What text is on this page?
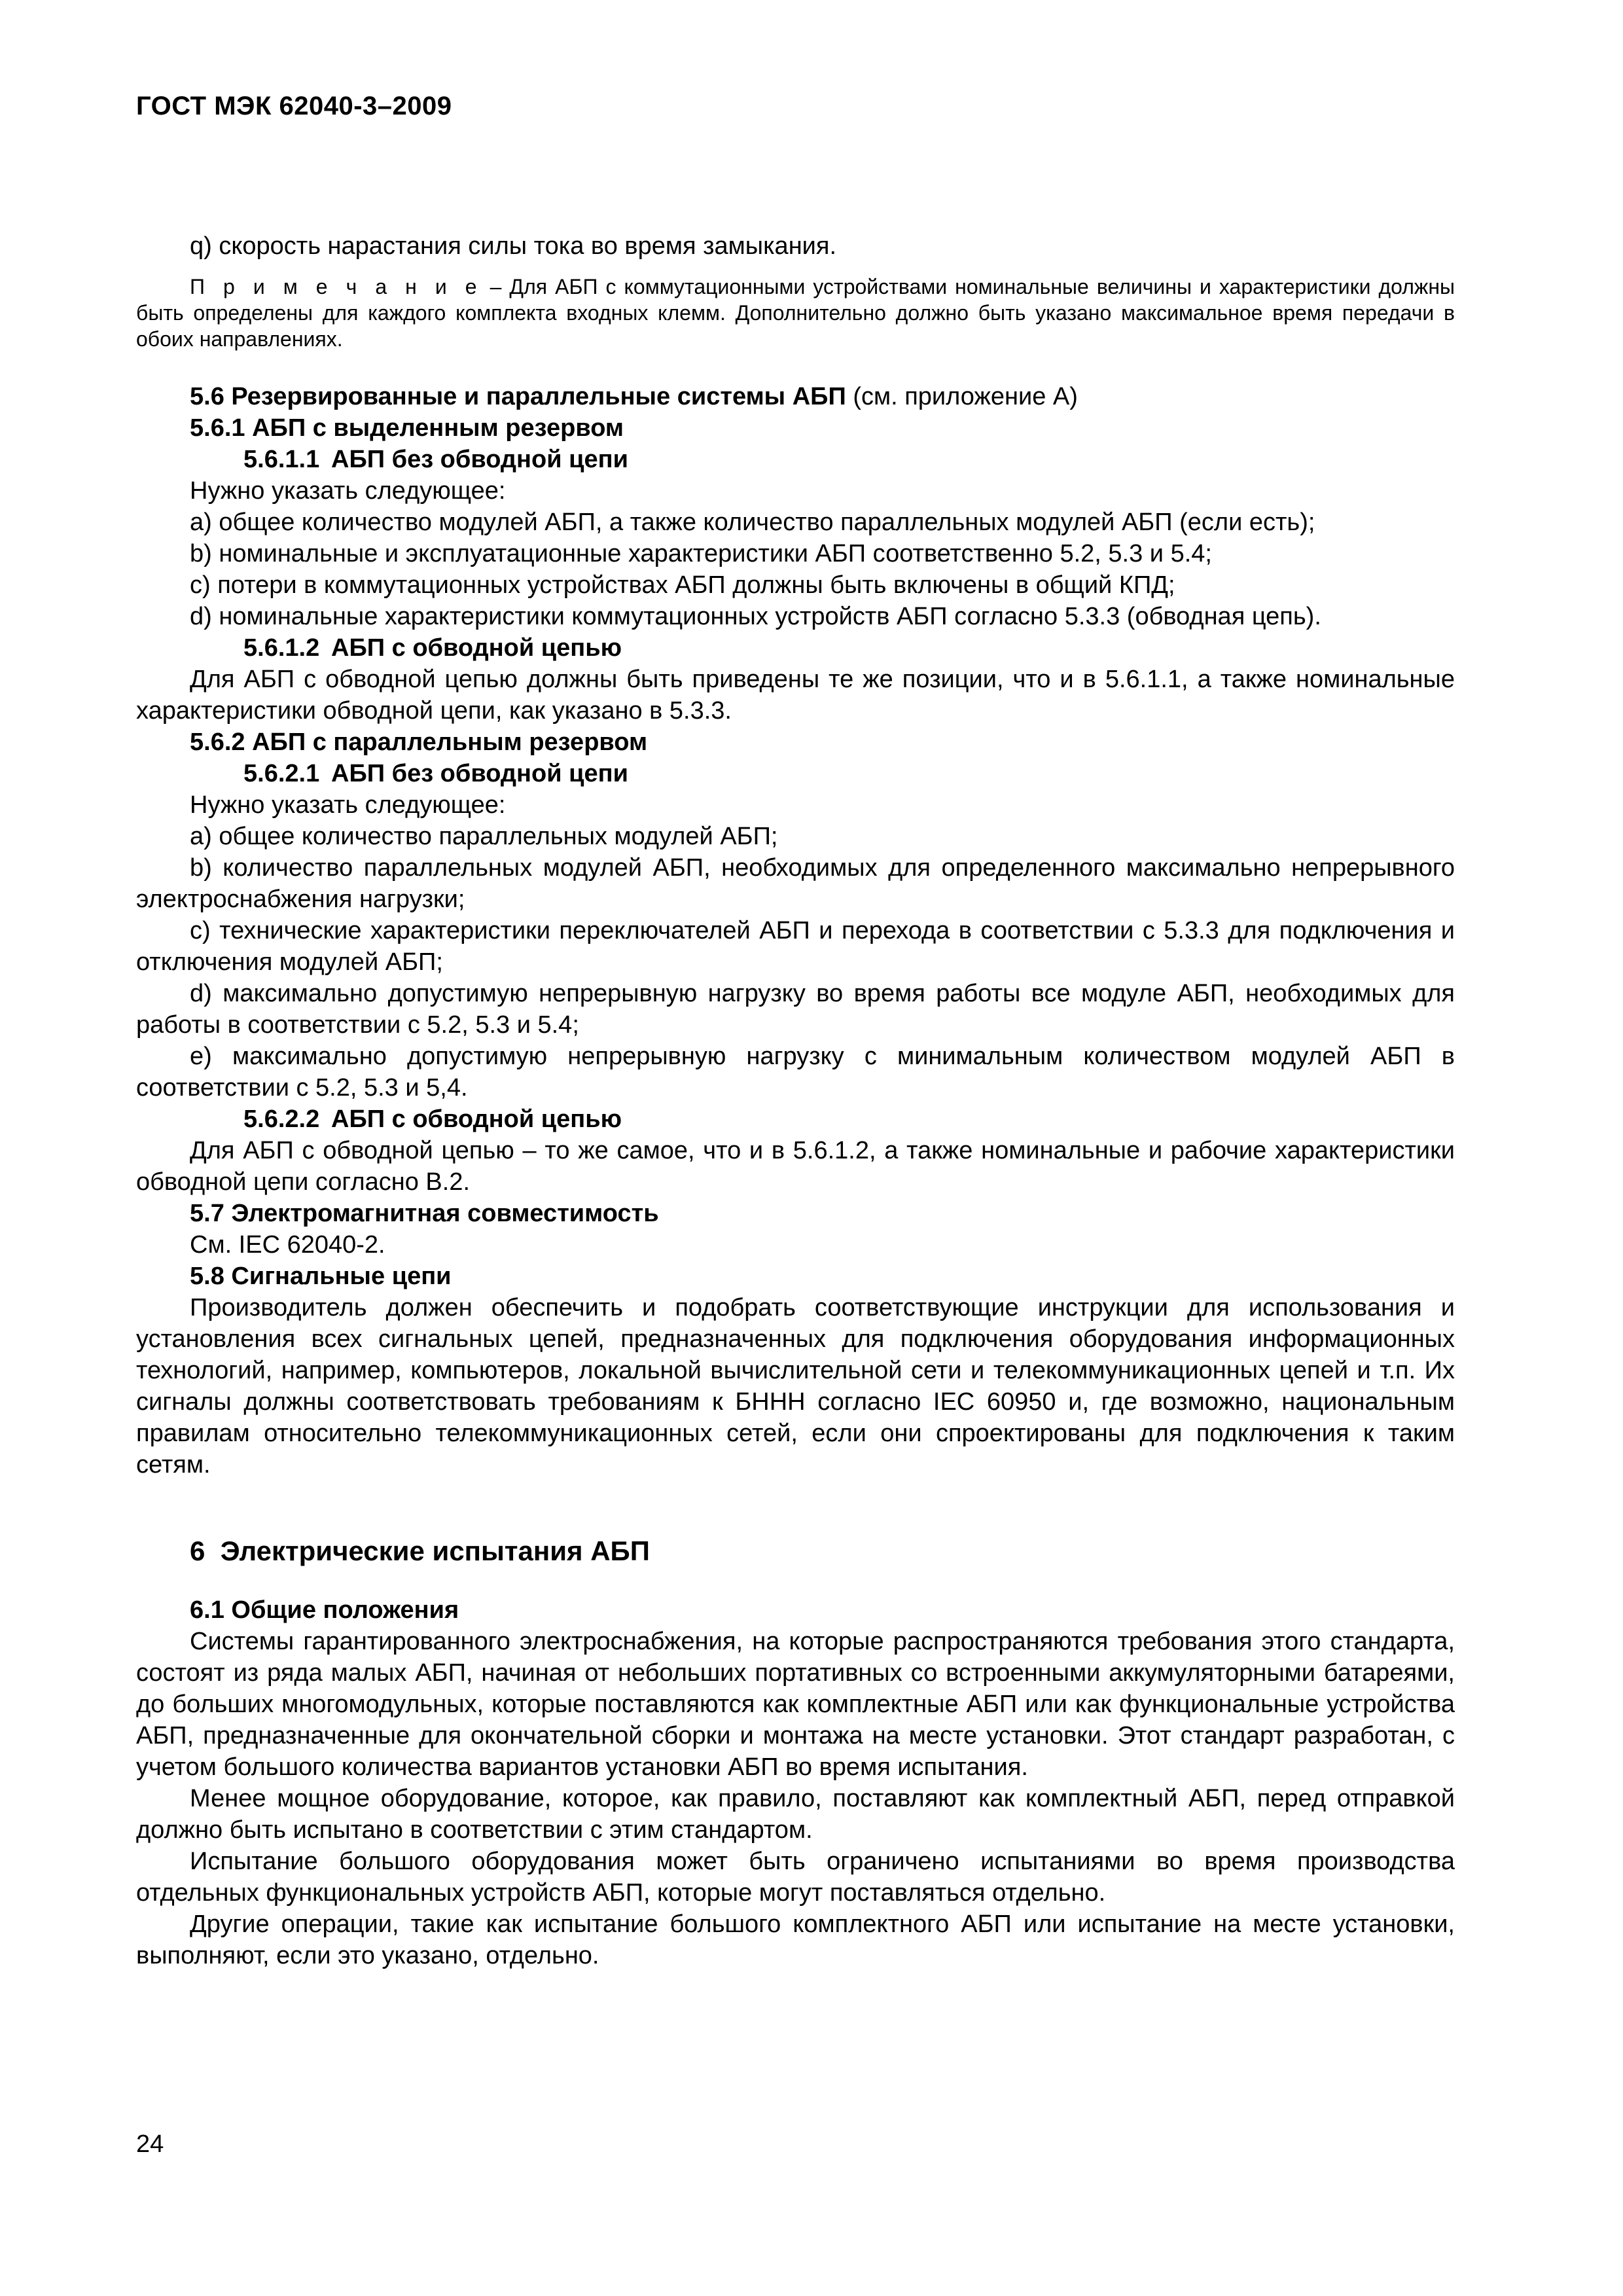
ГОСТ МЭК 62040-3–2009

q) скорость нарастания силы тока во время замыкания.

П р и м е ч а н и е – Для АБП с коммутационными устройствами номинальные величины и характеристики должны быть определены для каждого комплекта входных клемм. Дополнительно должно быть указано максимальное время передачи в обоих направлениях.

5.6 Резервированные и параллельные системы АБП (см. приложение А)

5.6.1 АБП с выделенным резервом

5.6.1.1 АБП без обводной цепи

Нужно указать следующее:

a) общее количество модулей АБП, а также количество параллельных модулей АБП (если есть);

b) номинальные и эксплуатационные характеристики АБП соответственно 5.2, 5.3 и 5.4;

c) потери в коммутационных устройствах АБП должны быть включены в общий КПД;

d) номинальные характеристики коммутационных устройств АБП согласно 5.3.3 (обводная цепь).

5.6.1.2 АБП с обводной цепью

Для АБП с обводной цепью должны быть приведены те же позиции, что и в 5.6.1.1, а также номинальные характеристики обводной цепи, как указано в 5.3.3.

5.6.2 АБП с параллельным резервом

5.6.2.1 АБП без обводной цепи

Нужно указать следующее:

a) общее количество параллельных модулей АБП;

b) количество параллельных модулей АБП, необходимых для определенного максимально непрерывного электроснабжения нагрузки;

c) технические характеристики переключателей АБП и перехода в соответствии с 5.3.3 для подключения и отключения модулей АБП;

d) максимально допустимую непрерывную нагрузку во время работы все модуле АБП, необходимых для работы в соответствии с 5.2, 5.3 и 5.4;

e) максимально допустимую непрерывную нагрузку с минимальным количеством модулей АБП в соответствии с 5.2, 5.3 и 5,4.

5.6.2.2 АБП с обводной цепью

Для АБП с обводной цепью – то же самое, что и в 5.6.1.2, а также номинальные и рабочие характеристики обводной цепи согласно В.2.

5.7 Электромагнитная совместимость

См. IEC 62040-2.

5.8 Сигнальные цепи

Производитель должен обеспечить и подобрать соответствующие инструкции для использования и установления всех сигнальных цепей, предназначенных для подключения оборудования информационных технологий, например, компьютеров, локальной вычислительной сети и телекоммуникационных цепей и т.п. Их сигналы должны соответствовать требованиям к БННН согласно IEC 60950 и, где возможно, национальным правилам относительно телекоммуникационных сетей, если они спроектированы для подключения к таким сетям.

6 Электрические испытания АБП

6.1 Общие положения

Системы гарантированного электроснабжения, на которые распространяются требования этого стандарта, состоят из ряда малых АБП, начиная от небольших портативных со встроенными аккумуляторными батареями, до больших многомодульных, которые поставляются как комплектные АБП или как функциональные устройства АБП, предназначенные для окончательной сборки и монтажа на месте установки. Этот стандарт разработан, с учетом большого количества вариантов установки АБП во время испытания.

Менее мощное оборудование, которое, как правило, поставляют как комплектный АБП, перед отправкой должно быть испытано в соответствии с этим стандартом.

Испытание большого оборудования может быть ограничено испытаниями во время производства отдельных функциональных устройств АБП, которые могут поставляться отдельно.

Другие операции, такие как испытание большого комплектного АБП или испытание на месте установки, выполняют, если это указано, отдельно.

24
